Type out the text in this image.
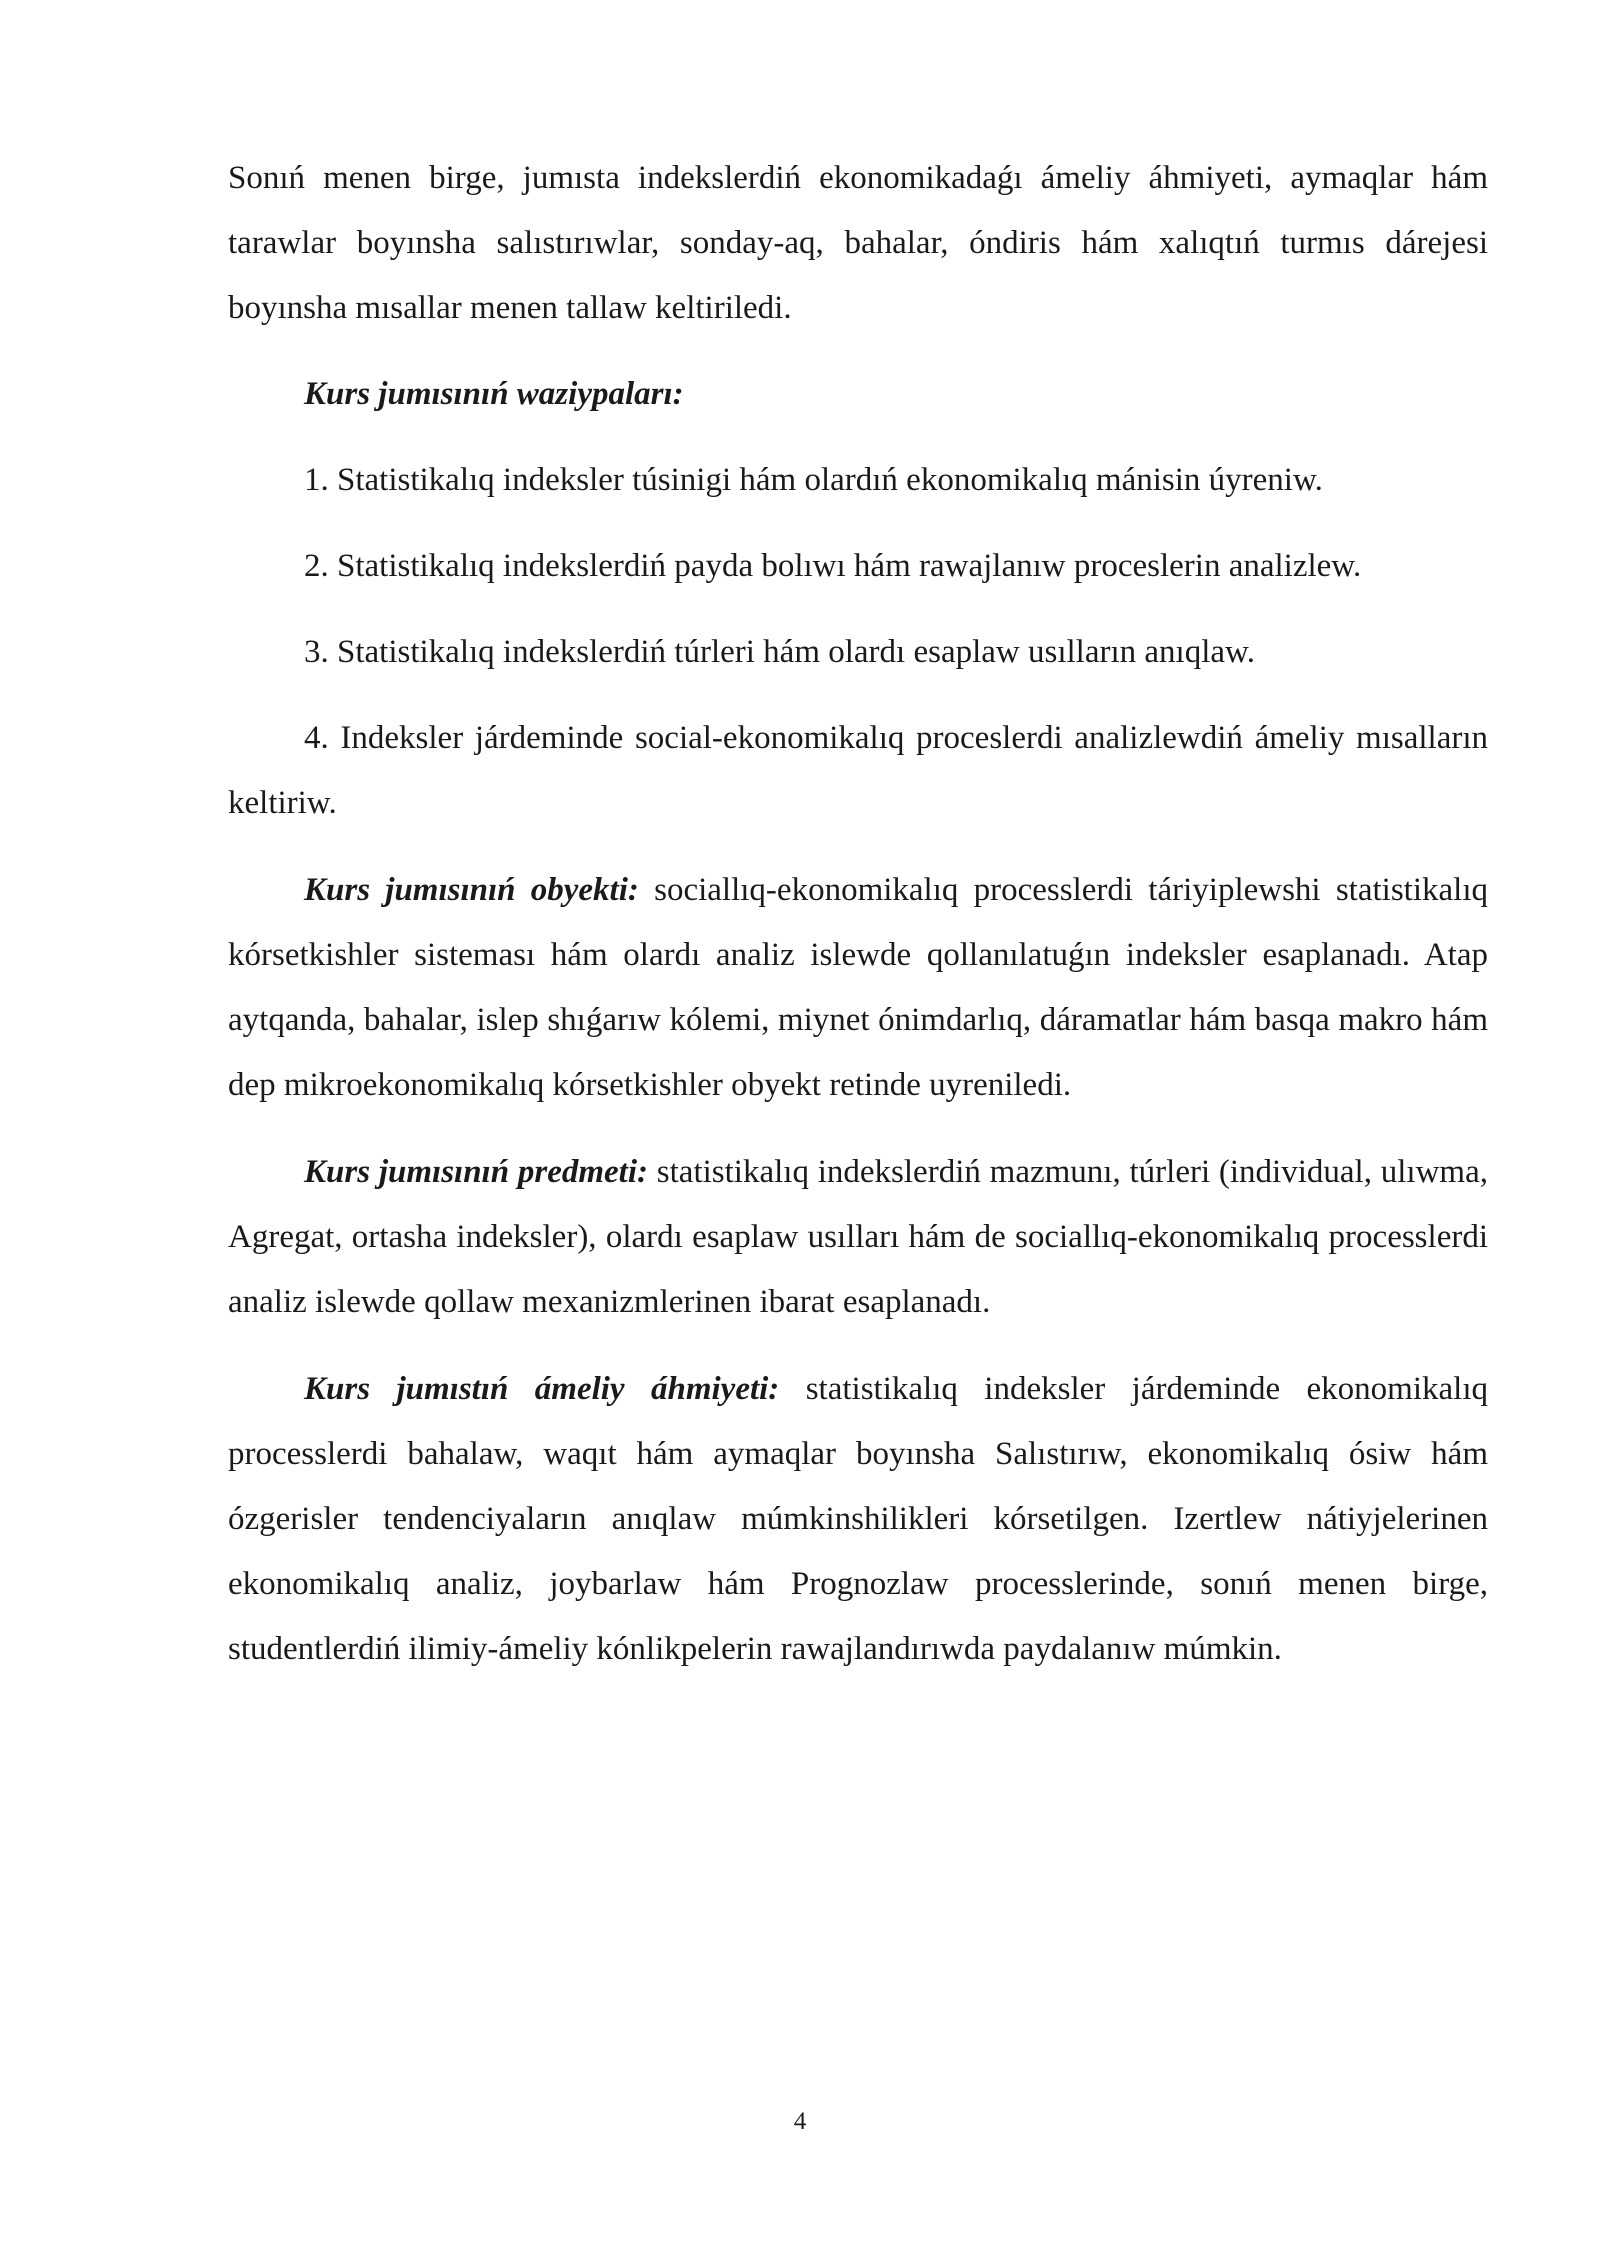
Sonıń menen birge, jumısta indekslerdiń ekonomikadaǵı ámeliy áhmiyeti, aymaqlar hám tarawlar boyınsha salıstırıwlar, sonday-aq, bahalar, óndiris hám xalıqtıń turmıs dárejesi boyınsha mısallar menen tallaw keltiriledi.

Kurs jumısınıń waziypaları:

1. Statistikalıq indeksler túsinigi hám olardıń ekonomikalıq mánisin úyreniw.

2. Statistikalıq indekslerdiń payda bolıwı hám rawajlanıw proceslerin analizlew.

3. Statistikalıq indekslerdiń túrleri hám olardı esaplaw usılların anıqlaw.

4. Indeksler járdeminde social-ekonomikalıq proceslerdi analizlewdiń ámeliy mısalların keltiriw.

Kurs jumısınıń obyekti: sociallıq-ekonomikalıq processlerdi táriyiplewshi statistikalıq kórsetkishler sisteması hám olardı analiz islewde qollanılatuǵın indeksler esaplanadı. Atap aytqanda, bahalar, islep shıǵarıw kólemi, miynet ónimdarlıq, dáramatlar hám basqa makro hám dep mikroekonomikalıq kórsetkishler obyekt retinde uyreniledi.

Kurs jumısınıń predmeti: statistikalıq indekslerdiń mazmunı, túrleri (individual, ulıwma, Agregat, ortasha indeksler), olardı esaplaw usılları hám de sociallıq-ekonomikalıq processlerdi analiz islewde qollaw mexanizmlerinen ibarat esaplanadı.

Kurs jumıstıń ámeliy áhmiyeti: statistikalıq indeksler járdeminde ekonomikalıq processlerdi bahalaw, waqıt hám aymaqlar boyınsha Salıstırıw, ekonomikalıq ósiw hám ózgerisler tendenciyaların anıqlaw múmkinshilikleri kórsetilgen. Izertlew nátiyjelerinen ekonomikalıq analiz, joybarlaw hám Prognozlaw processlerinde, sonıń menen birge, studentlerdiń ilimiy-ámeliy kónlikpelerin rawajlandırıwda paydalanıw múmkin.

4
